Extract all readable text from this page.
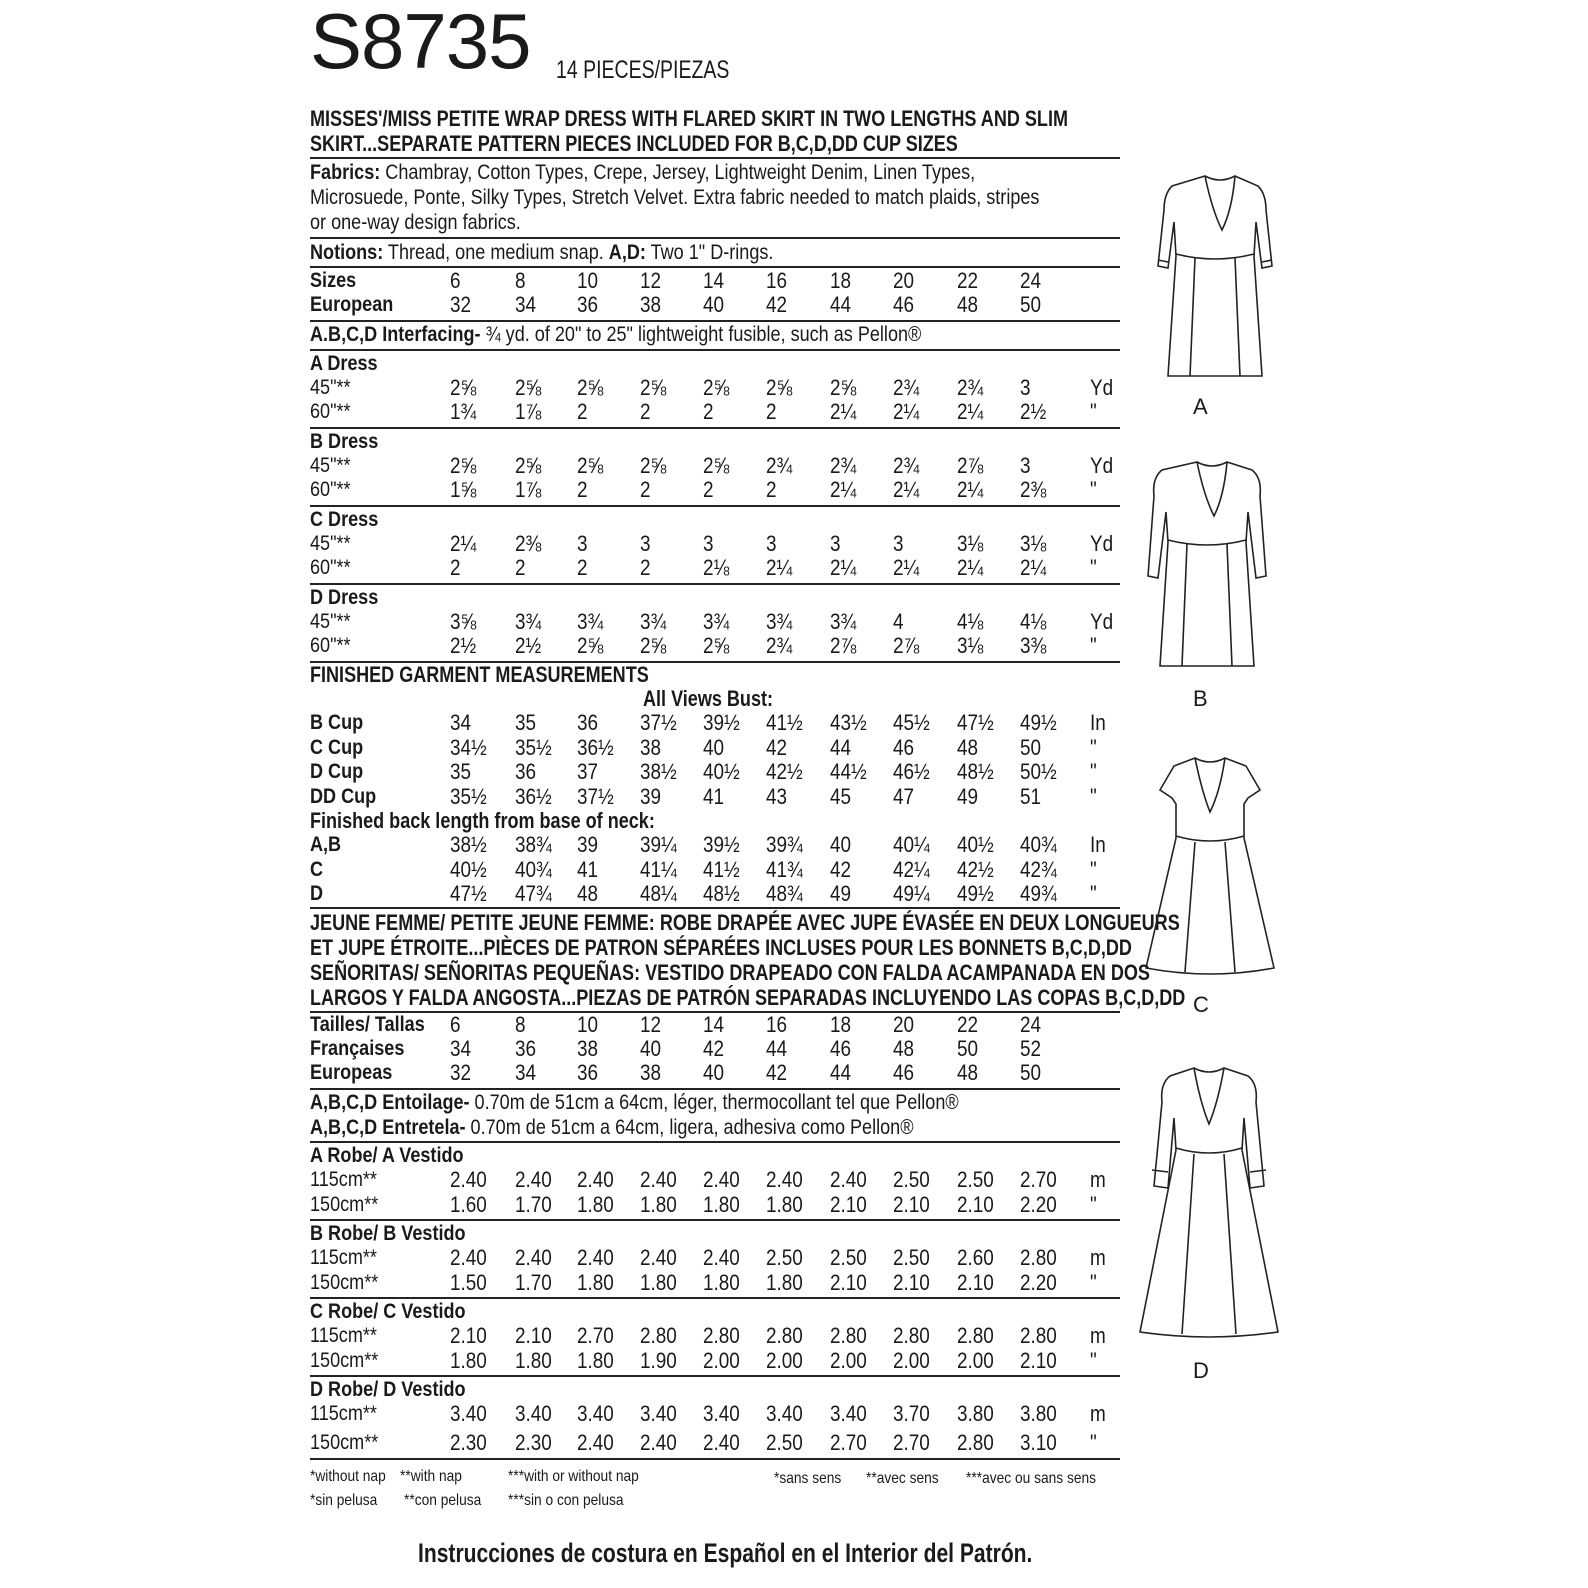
S8735 14 PIECES/PIEZAS
MISSES'/MISS PETITE WRAP DRESS WITH FLARED SKIRT IN TWO LENGTHS AND SLIM
SKIRT...SEPARATE PATTERN PIECES INCLUDED FOR B,C,D,DD CUP SIZES
Fabrics: Chambray, Cotton Types, Crepe, Jersey, Lightweight Denim, Linen Types,
Microsuede, Ponte, Silky Types, Stretch Velvet. Extra fabric needed to match plaids, stripes
or one-way design fabrics.
Notions: Thread, one medium snap. A,D: Two 1" D-rings.
Sizes	6 8 10 12 14 16 18 20 22 24
European	32 34 36 38 40 42 44 46 48 50
A.B,C,D Interfacing- ¾ yd. of 20" to 25" lightweight fusible, such as Pellon®
A Dress
45"**	2⅝ 2⅝ 2⅝ 2⅝ 2⅝ 2⅝ 2⅝ 2¾ 2¾ 3	Yd
60"**	1¾ 1⅞ 2 2 2 2 2¼ 2¼ 2¼ 2½ "
B Dress
45"**	2⅝ 2⅝ 2⅝ 2⅝ 2⅝ 2¾ 2¾ 2¾ 2⅞ 3	Yd
60"**	1⅝ 1⅞ 2 2 2 2 2¼ 2¼ 2¼ 2⅜ "
C Dress
45"**	2¼ 2⅜ 3 3 3 3 3 3 3⅛ 3⅛ Yd
60"**	2 2 2 2 2⅛ 2¼ 2¼ 2¼ 2¼ 2¼ "
D Dress
45"**	3⅝ 3¾ 3¾ 3¾ 3¾ 3¾ 3¾ 4 4⅛ 4⅛ Yd
60"**	2½ 2½ 2⅝ 2⅝ 2⅝ 2¾ 2⅞ 2⅞ 3⅛ 3⅜ "
FINISHED GARMENT MEASUREMENTS
All Views Bust:
B Cup	34 35 36 37½ 39½ 41½ 43½ 45½ 47½ 49½ In
C Cup	34½ 35½ 36½ 38 40 42 44 46 48 50 "
D Cup	35 36 37 38½ 40½ 42½ 44½ 46½ 48½ 50½ "
DD Cup	35½ 36½ 37½ 39 41 43 45 47 49 51 "
Finished back length from base of neck:
A,B	38½ 38¾ 39 39¼ 39½ 39¾ 40 40¼ 40½ 40¾ In
C	40½ 40¾ 41 41¼ 41½ 41¾ 42 42¼ 42½ 42¾ "
D	47½ 47¾ 48 48¼ 48½ 48¾ 49 49¼ 49½ 49¾ "
JEUNE FEMME/ PETITE JEUNE FEMME: ROBE DRAPÉE AVEC JUPE ÉVASÉE EN DEUX LONGUEURS
ET JUPE ÉTROITE...PIÈCES DE PATRON SÉPARÉES INCLUSES POUR LES BONNETS B,C,D,DD
SEÑORITAS/ SEÑORITAS PEQUEÑAS: VESTIDO DRAPEADO CON FALDA ACAMPANADA EN DOS
LARGOS Y FALDA ANGOSTA...PIEZAS DE PATRÓN SEPARADAS INCLUYENDO LAS COPAS B,C,D,DD
Tailles/ Tallas 6 8 10 12 14 16 18 20 22 24
Françaises 34 36 38 40 42 44 46 48 50 52
Europeas	32 34 36 38 40 42 44 46 48 50
A,B,C,D Entoilage- 0.70m de 51cm a 64cm, léger, thermocollant tel que Pellon®
A,B,C,D Entretela- 0.70m de 51cm a 64cm, ligera, adhesiva como Pellon®
A Robe/ A Vestido
115cm**	2.40 2.40 2.40 2.40 2.40 2.40 2.40 2.50 2.50 2.70 m
150cm**	1.60 1.70 1.80 1.80 1.80 1.80 2.10 2.10 2.10 2.20 "
B Robe/ B Vestido
115cm**	2.40 2.40 2.40 2.40 2.40 2.50 2.50 2.50 2.60 2.80 m
150cm**	1.50 1.70 1.80 1.80 1.80 1.80 2.10 2.10 2.10 2.20 "
C Robe/ C Vestido
115cm**	2.10 2.10 2.70 2.80 2.80 2.80 2.80 2.80 2.80 2.80 m
150cm**	1.80 1.80 1.80 1.90 2.00 2.00 2.00 2.00 2.00 2.10 "
D Robe/ D Vestido
115cm**	3.40 3.40 3.40 3.40 3.40 3.40 3.40 3.70 3.80 3.80 m
150cm**	2.30 2.30 2.40 2.40 2.40 2.50 2.70 2.70 2.80 3.10 "
*without nap **with nap	***with or without nap
*sin pelusa **con pelusa ***sin o con pelusa
*sans sens **avec sens ***avec ou sans sens
Instrucciones de costura en Español en el Interior del Patrón.
A
B
C
D
